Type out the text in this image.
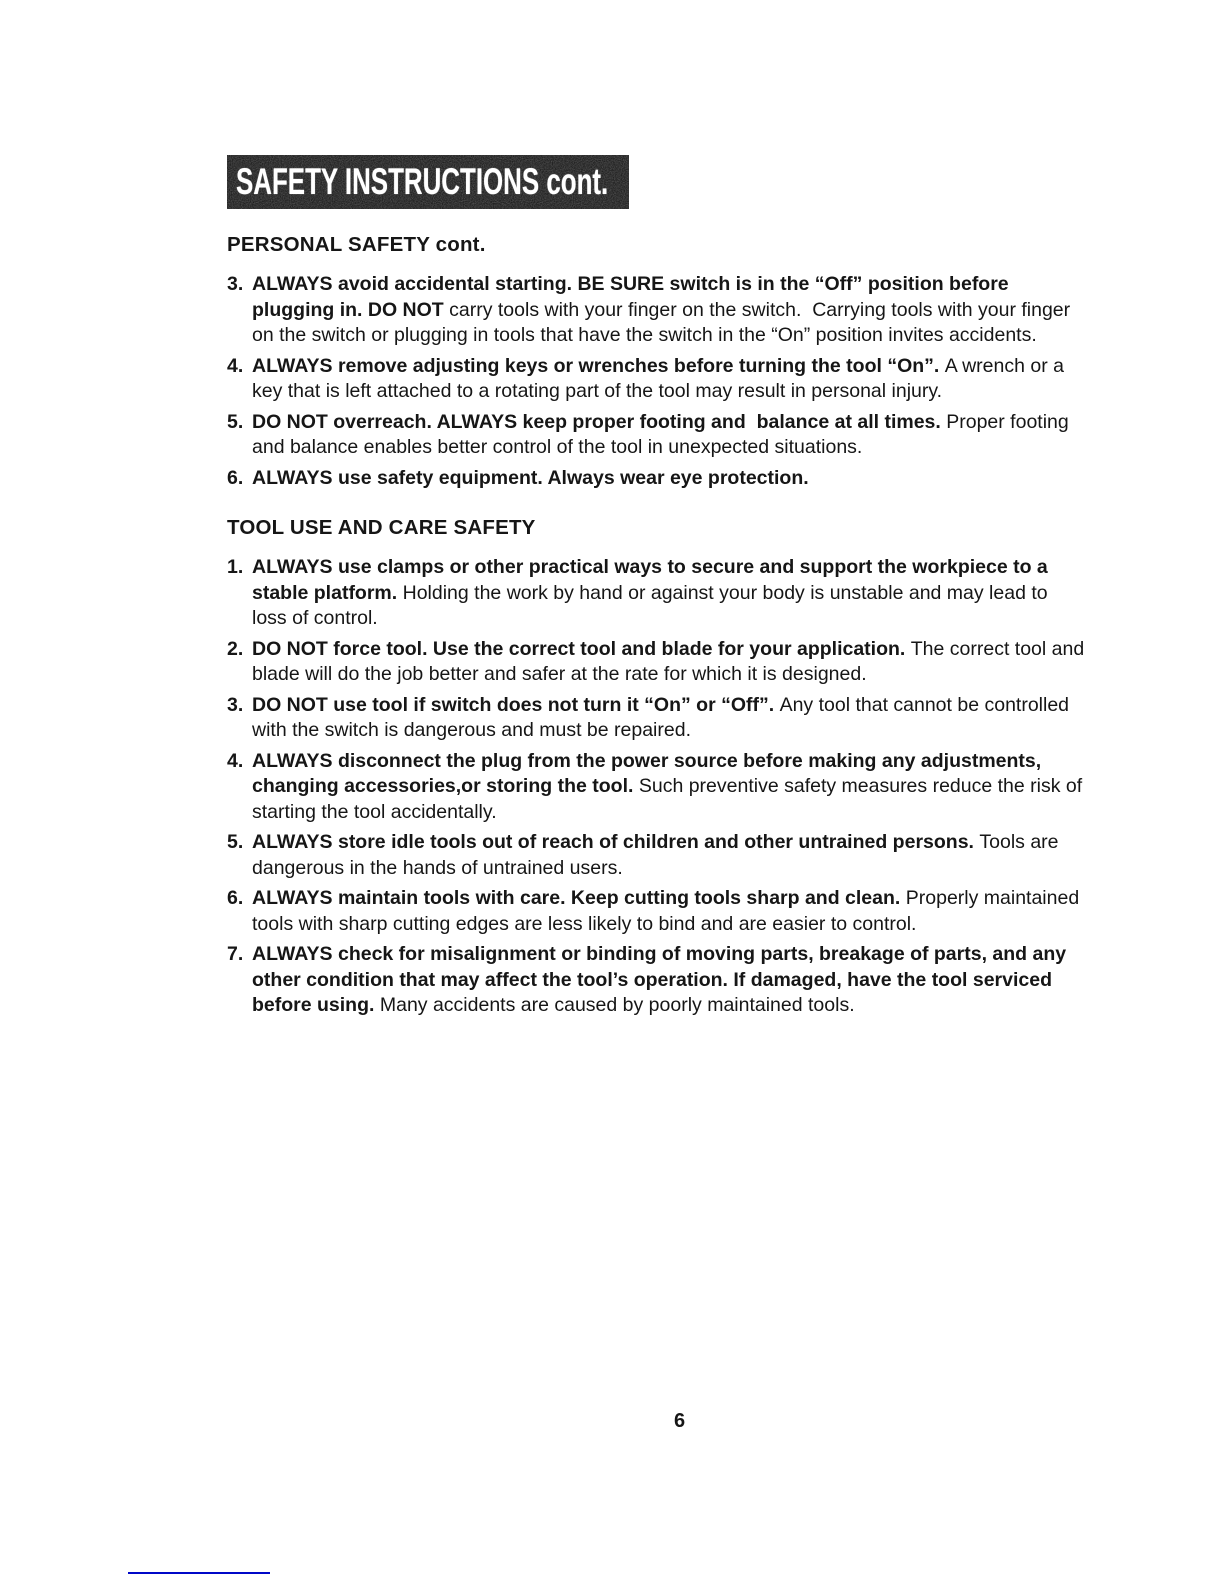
SAFETY INSTRUCTIONS cont.
PERSONAL SAFETY cont.
3. ALWAYS avoid accidental starting. BE SURE switch is in the “Off” position before plugging in. DO NOT carry tools with your finger on the switch.  Carrying tools with your finger on the switch or plugging in tools that have the switch in the “On” position invites accidents.

4. ALWAYS remove adjusting keys or wrenches before turning the tool “On”. A wrench or a key that is left attached to a rotating part of the tool may result in personal injury.

5. DO NOT overreach. ALWAYS keep proper footing and  balance at all times. Proper footing and balance enables better control of the tool in unexpected situations.

6. ALWAYS use safety equipment. Always wear eye protection.

TOOL USE AND CARE SAFETY
1. ALWAYS use clamps or other practical ways to secure and support the workpiece to a stable platform. Holding the work by hand or against your body is unstable and may lead to loss of control.

2. DO NOT force tool. Use the correct tool and blade for your application. The correct tool and blade will do the job better and safer at the rate for which it is designed.

3. DO NOT use tool if switch does not turn it “On” or “Off”. Any tool that cannot be controlled with the switch is dangerous and must be repaired.

4. ALWAYS disconnect the plug from the power source before making any adjustments, changing accessories,or storing the tool. Such preventive safety measures reduce the risk of starting the tool accidentally.

5. ALWAYS store idle tools out of reach of children and other untrained persons. Tools are dangerous in the hands of untrained users.

6. ALWAYS maintain tools with care. Keep cutting tools sharp and clean. Properly maintained tools with sharp cutting edges are less likely to bind and are easier to control.

7. ALWAYS check for misalignment or binding of moving parts, breakage of parts, and any other condition that may affect the tool’s operation. If damaged, have the tool serviced before using. Many accidents are caused by poorly maintained tools.

6
